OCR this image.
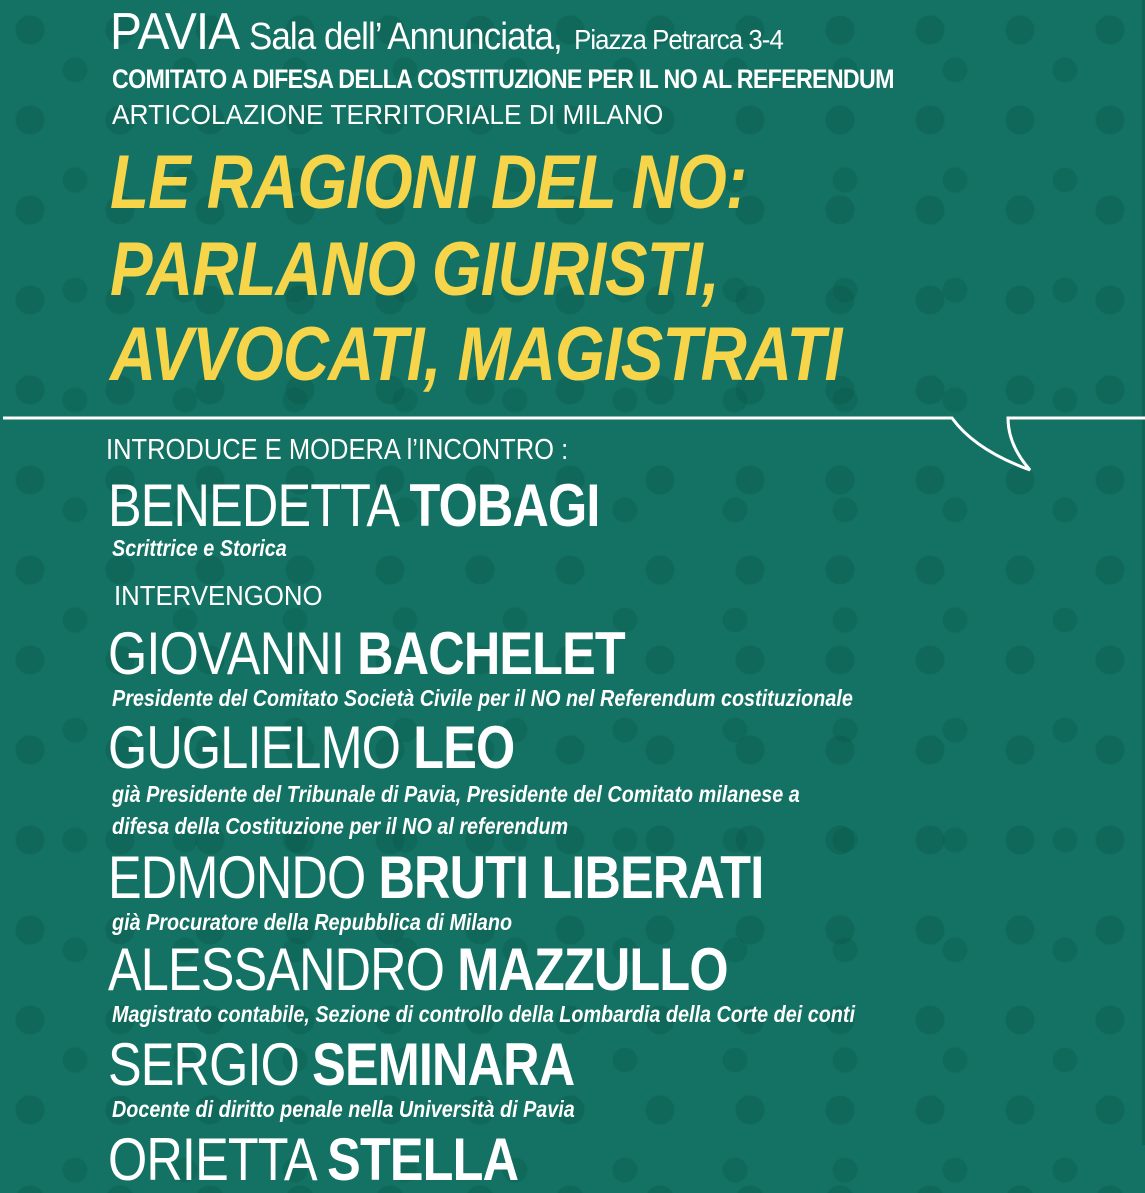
PAVIA Sala dell’ Annunciata, Piazza Petrarca 3-4
COMITATO A DIFESA DELLA COSTITUZIONE PER IL NO AL REFERENDUM
ARTICOLAZIONE TERRITORIALE DI MILANO
LE RAGIONI DEL NO:
PARLANO GIURISTI,
AVVOCATI, MAGISTRATI
INTRODUCE E MODERA l’INCONTRO :
BENEDETTA TOBAGI
Scrittrice e Storica
INTERVENGONO
GIOVANNI BACHELET
Presidente del Comitato Società Civile per il NO nel Referendum costituzionale
GUGLIELMO LEO
già Presidente del Tribunale di Pavia, Presidente del Comitato milanese a
difesa della Costituzione per il NO al referendum
EDMONDO BRUTI LIBERATI
già Procuratore della Repubblica di Milano
ALESSANDRO MAZZULLO
Magistrato contabile, Sezione di controllo della Lombardia della Corte dei conti
SERGIO SEMINARA
Docente di diritto penale nella Università di Pavia
ORIETTA STELLA
